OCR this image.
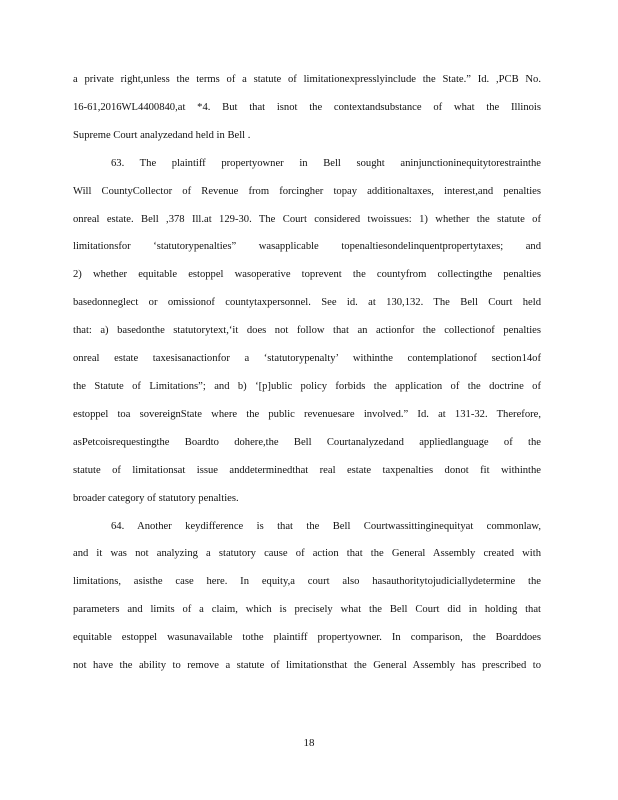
a private right,unless the terms of a statute of limitationexpresslyinclude the State.” Id. ,PCB No.
16-61,2016WL4400840,at *4. But that isnot the contextandsubstance of what the Illinois
Supreme Court analyzedand held in Bell .

63. The plaintiff propertyowner in Bell sought aninjunctioninequitytorestrainthe
Will CountyCollector of Revenue from forcingher topay additionaltaxes, interest,and penalties
onreal estate. Bell ,378 Ill.at 129-30. The Court considered twoissues: 1) whether the statute of
limitationsfor ‘statutorypenalties” wasapplicable topenaltiesondelinquentpropertytaxes; and
2) whether equitable estoppel wasoperative toprevent the countyfrom collectingthe penalties
basedonneglect or omissionof countytaxpersonnel. See id. at 130,132. The Bell Court held
that: a) basedonthe statutorytext,‘it does not follow that an actionfor the collectionof penalties
onreal estate taxesisanactionfor a ‘statutorypenalty’ withinthe contemplationof section14of
the Statute of Limitations”; and b) ‘[p]ublic policy forbids the application of the doctrine of
estoppel toa sovereignState where the public revenuesare involved.” Id. at 131-32. Therefore,
asPetcoisrequestingthe Boardto dohere,the Bell Courtanalyzedand appliedlanguage of the
statute of limitationsat issue anddeterminedthat real estate taxpenalties donot fit withinthe
broader category of statutory penalties.

64. Another keydifference is that the Bell Courtwassittinginequityat commonlaw,
and it was not analyzing a statutory cause of action that the General Assembly created with
limitations, asisthe case here. In equity,a court also hasauthoritytojudiciallydetermine the
parameters and limits of a claim, which is precisely what the Bell Court did in holding that
equitable estoppel wasunavailable tothe plaintiff propertyowner. In comparison, the Boarddoes
not have the ability to remove a statute of limitationsthat the General Assembly has prescribed to

18
